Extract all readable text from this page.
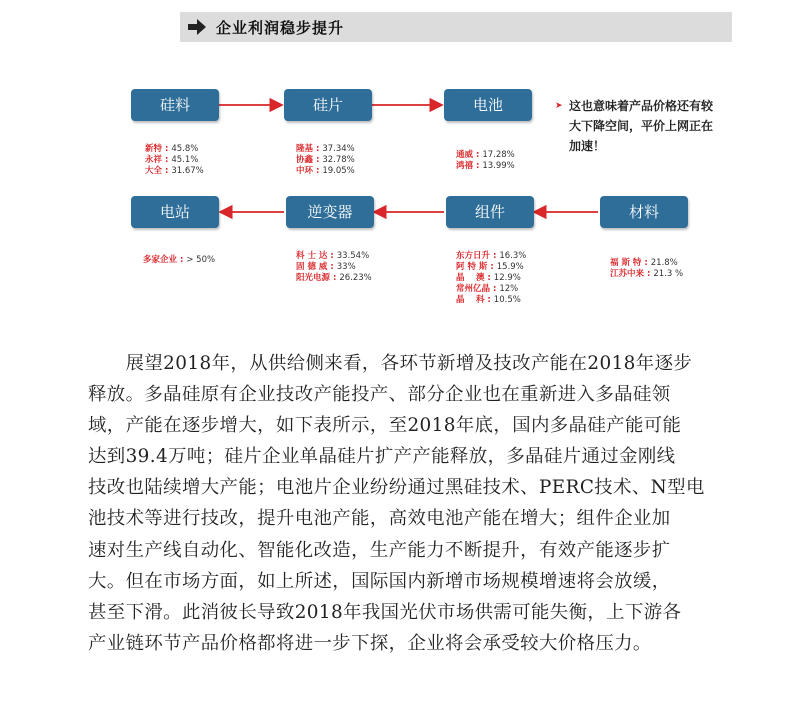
企业利润稳步提升
硅料	硅片	电池
电站	逆变器	组件	材料
新特 : 45.8%
永祥 : 45.1%
大全 : 31.67%
隆基 : 37.34%
协鑫 : 32.78%
中环 : 19.05%
通威 : 17.28%
鸿禧 : 13.99%
多家企业 : > 50%	科 士 达 : 33.54%
固 德 威 : 33%
阳光电源 : 26.23%
东方日升 : 16.3%
阿 特 斯 : 15.9%
晶　 澳 : 12.9%
常州亿晶 : 12%
晶　 科 : 10.5%
福 斯 特 : 21.8%
江苏中来 : 21.3 %
➤ 这也意味着产品价格还有较大下降空间，平价上网正在加速！
　　展望2018年，从供给侧来看，各环节新增及技改产能在2018年逐步
释放。多晶硅原有企业技改产能投产、部分企业也在重新进入多晶硅领
域，产能在逐步增大，如下表所示，至2018年底，国内多晶硅产能可能
达到39.4万吨；硅片企业单晶硅片扩产产能释放，多晶硅片通过金刚线
技改也陆续增大产能；电池片企业纷纷通过黑硅技术、PERC技术、N型电
池技术等进行技改，提升电池产能，高效电池产能在增大；组件企业加
速对生产线自动化、智能化改造，生产能力不断提升，有效产能逐步扩
大。但在市场方面，如上所述，国际国内新增市场规模增速将会放缓，
甚至下滑。此消彼长导致2018年我国光伏市场供需可能失衡，上下游各
产业链环节产品价格都将进一步下探，企业将会承受较大价格压力。
